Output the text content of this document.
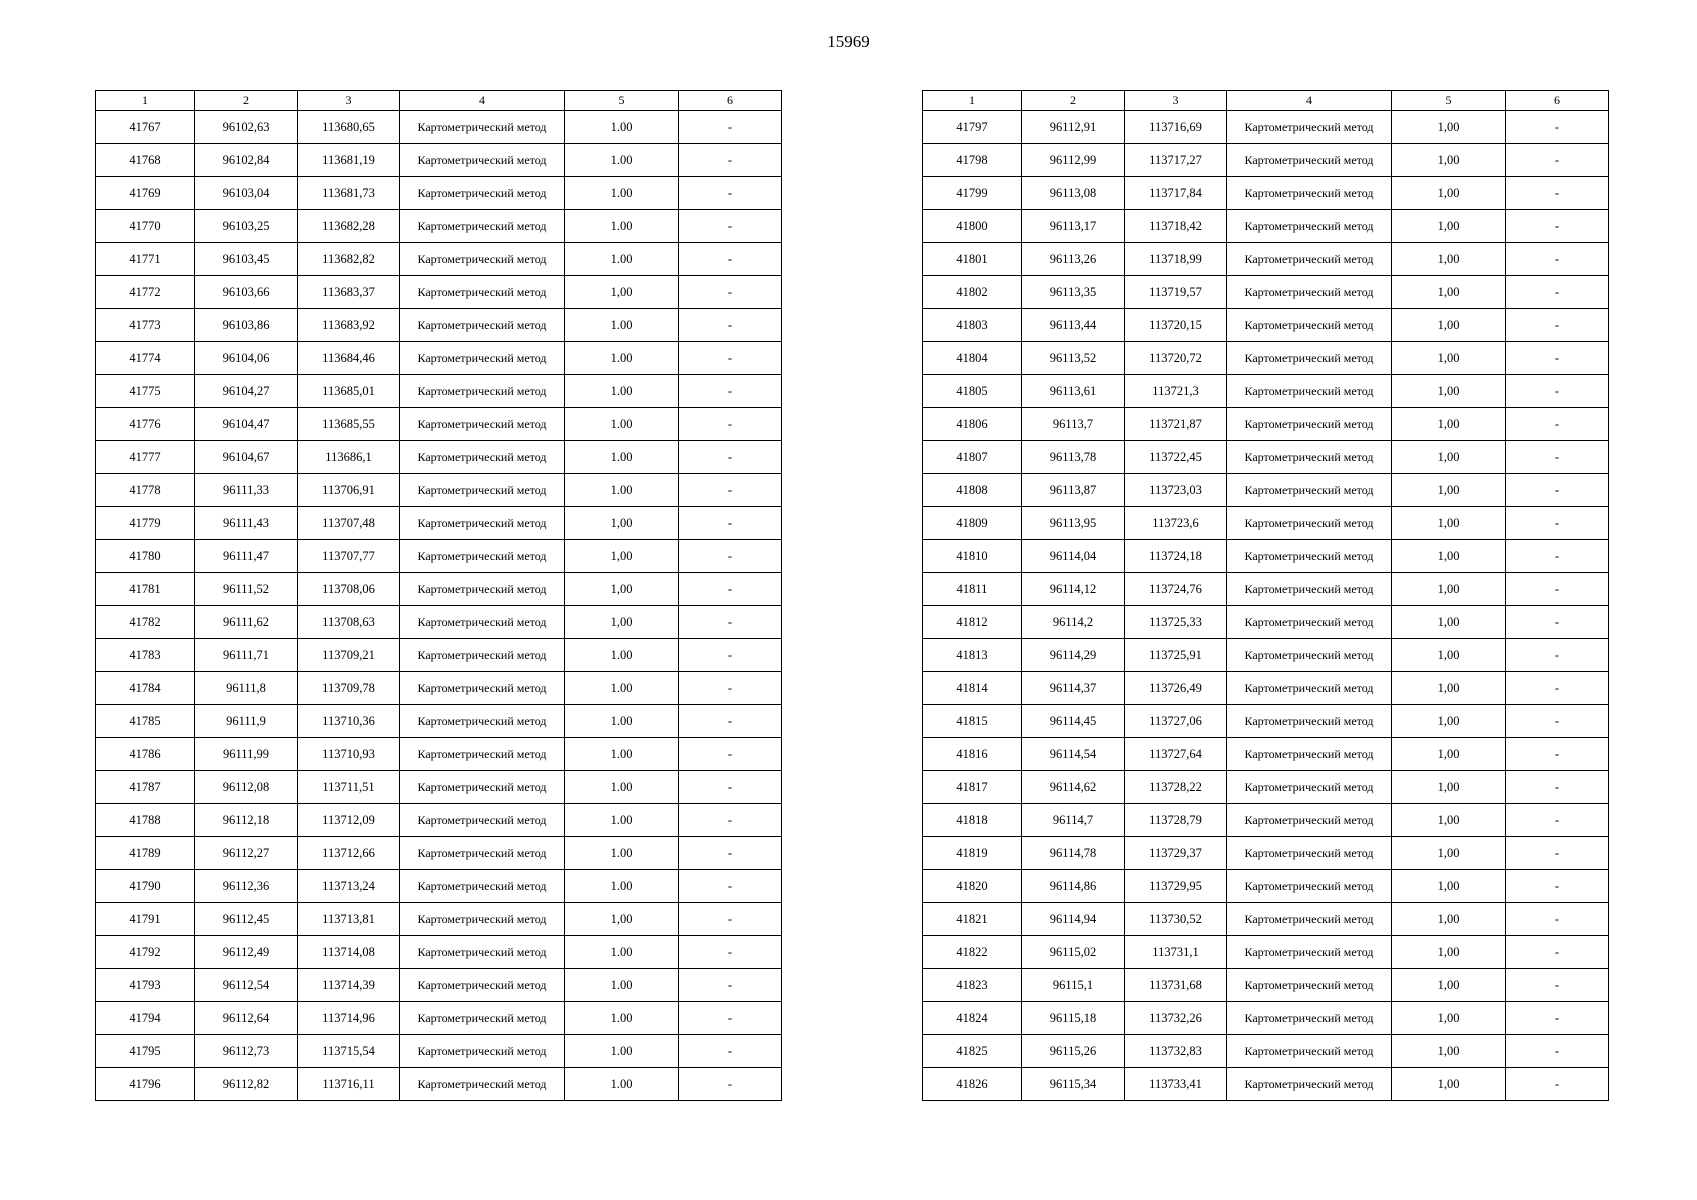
15969
1	2	3	4	5	6
41767	96102,63	113680,65	Картометрический метод	1.00	-
41768	96102,84	113681,19	Картометрический метод	1.00	-
41769	96103,04	113681,73	Картометрический метод	1.00	-
41770	96103,25	113682,28	Картометрический метод	1.00	-
41771	96103,45	113682,82	Картометрический метод	1.00	-
41772	96103,66	113683,37	Картометрический метод	1,00	-
41773	96103,86	113683,92	Картометрический метод	1.00	-
41774	96104,06	113684,46	Картометрический метод	1.00	-
41775	96104,27	113685,01	Картометрический метод	1.00	-
41776	96104,47	113685,55	Картометрический метод	1.00	-
41777	96104,67	113686,1	Картометрический метод	1.00	-
41778	96111,33	113706,91	Картометрический метод	1.00	-
41779	96111,43	113707,48	Картометрический метод	1,00	-
41780	96111,47	113707,77	Картометрический метод	1,00	-
41781	96111,52	113708,06	Картометрический метод	1,00	-
41782	96111,62	113708,63	Картометрический метод	1,00	-
41783	96111,71	113709,21	Картометрический метод	1.00	-
41784	96111,8	113709,78	Картометрический метод	1.00	-
41785	96111,9	113710,36	Картометрический метод	1.00	-
41786	96111,99	113710,93	Картометрический метод	1.00	-
41787	96112,08	113711,51	Картометрический метод	1.00	-
41788	96112,18	113712,09	Картометрический метод	1.00	-
41789	96112,27	113712,66	Картометрический метод	1.00	-
41790	96112,36	113713,24	Картометрический метод	1.00	-
41791	96112,45	113713,81	Картометрический метод	1,00	-
41792	96112,49	113714,08	Картометрический метод	1.00	-
41793	96112,54	113714,39	Картометрический метод	1.00	-
41794	96112,64	113714,96	Картометрический метод	1.00	-
41795	96112,73	113715,54	Картометрический метод	1.00	-
41796	96112,82	113716,11	Картометрический метод	1.00	-
1	2	3	4	5	6
41797	96112,91	113716,69	Картометрический метод	1,00	-
41798	96112,99	113717,27	Картометрический метод	1,00	-
41799	96113,08	113717,84	Картометрический метод	1,00	-
41800	96113,17	113718,42	Картометрический метод	1,00	-
41801	96113,26	113718,99	Картометрический метод	1,00	-
41802	96113,35	113719,57	Картометрический метод	1,00	-
41803	96113,44	113720,15	Картометрический метод	1,00	-
41804	96113,52	113720,72	Картометрический метод	1,00	-
41805	96113,61	113721,3	Картометрический метод	1,00	-
41806	96113,7	113721,87	Картометрический метод	1,00	-
41807	96113,78	113722,45	Картометрический метод	1,00	-
41808	96113,87	113723,03	Картометрический метод	1,00	-
41809	96113,95	113723,6	Картометрический метод	1,00	-
41810	96114,04	113724,18	Картометрический метод	1,00	-
41811	96114,12	113724,76	Картометрический метод	1,00	-
41812	96114,2	113725,33	Картометрический метод	1,00	-
41813	96114,29	113725,91	Картометрический метод	1,00	-
41814	96114,37	113726,49	Картометрический метод	1,00	-
41815	96114,45	113727,06	Картометрический метод	1,00	-
41816	96114,54	113727,64	Картометрический метод	1,00	-
41817	96114,62	113728,22	Картометрический метод	1,00	-
41818	96114,7	113728,79	Картометрический метод	1,00	-
41819	96114,78	113729,37	Картометрический метод	1,00	-
41820	96114,86	113729,95	Картометрический метод	1,00	-
41821	96114,94	113730,52	Картометрический метод	1,00	-
41822	96115,02	113731,1	Картометрический метод	1,00	-
41823	96115,1	113731,68	Картометрический метод	1,00	-
41824	96115,18	113732,26	Картометрический метод	1,00	-
41825	96115,26	113732,83	Картометрический метод	1,00	-
41826	96115,34	113733,41	Картометрический метод	1,00	-
